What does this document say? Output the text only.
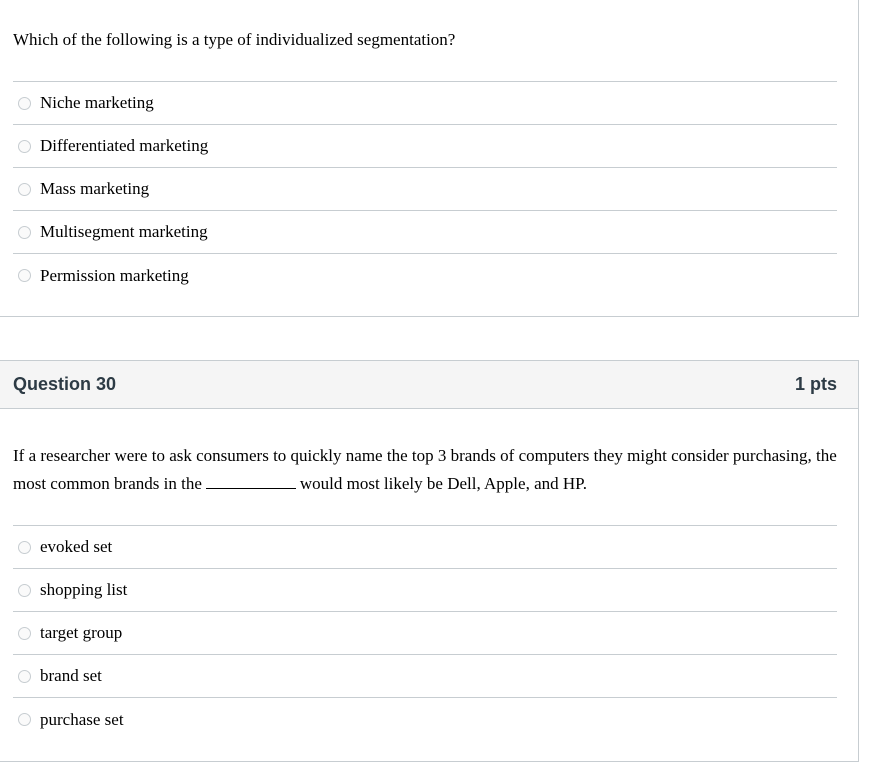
Which of the following is a type of individualized segmentation?

Niche marketing
Differentiated marketing
Mass marketing
Multisegment marketing
Permission marketing
Question 30	1 pts

If a researcher were to ask consumers to quickly name the top 3 brands of computers they might consider purchasing, the most common brands in the	would most likely be Dell, Apple, and HP.

evoked set
shopping list
target group
brand set
purchase set
